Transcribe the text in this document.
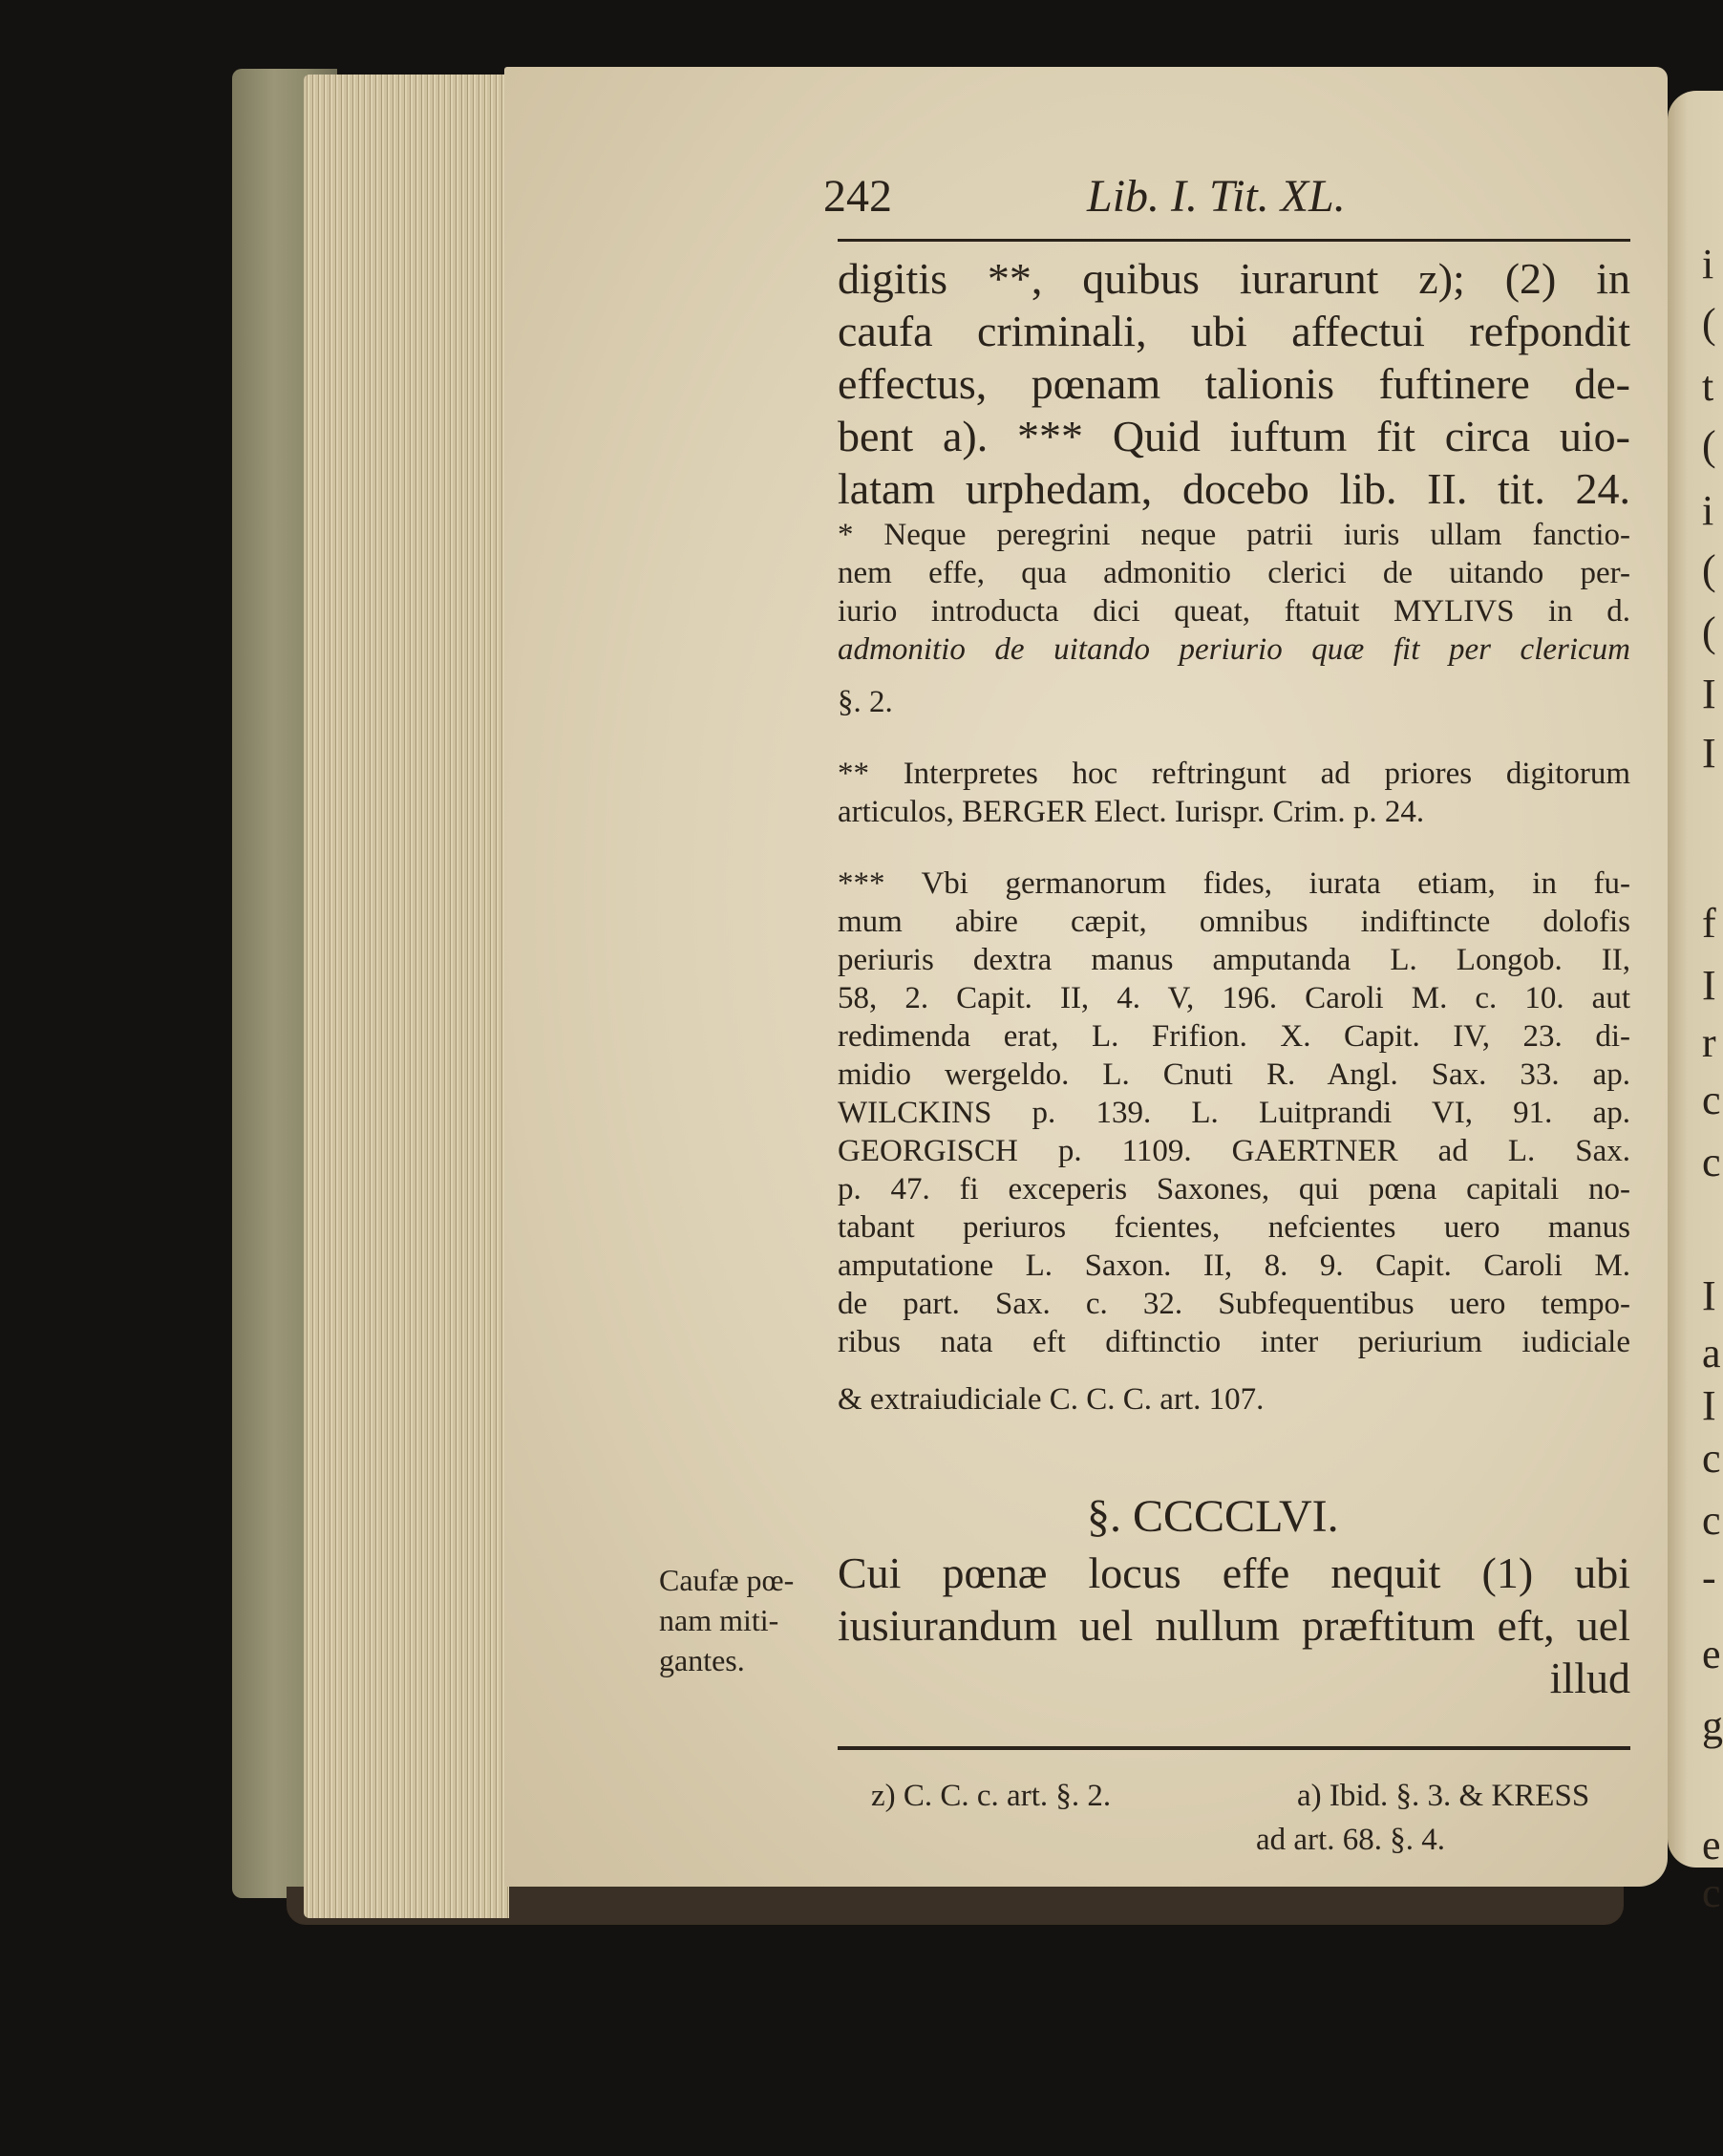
i
(
t
(
i
(
(
I
I
f
I
r
c
c
I
a
I
c
c
-
e
g
e
c
242	Lib. I. Tit. XL.
digitis **, quibus iurarunt z); (2) in
caufa criminali, ubi affectui refpondit
effectus, pœnam talionis fuftinere de-
bent a). *** Quid iuftum fit circa uio-
latam urphedam, docebo lib. II. tit. 24.
* Neque peregrini neque patrii iuris ullam fanctio-
nem effe, qua admonitio clerici de uitando per-
iurio introducta dici queat, ftatuit MYLIVS in d.
admonitio de uitando periurio quæ fit per clericum
§. 2.
** Interpretes hoc reftringunt ad priores digitorum
articulos, BERGER Elect. Iurispr. Crim. p. 24.
*** Vbi germanorum fides, iurata etiam, in fu-
mum abire cæpit, omnibus indiftincte dolofis
periuris dextra manus amputanda L. Longob. II,
58, 2. Capit. II, 4. V, 196. Caroli M. c. 10. aut
redimenda erat, L. Frifion. X. Capit. IV, 23. di-
midio wergeldo. L. Cnuti R. Angl. Sax. 33. ap.
WILCKINS p. 139. L. Luitprandi VI, 91. ap.
GEORGISCH p. 1109. GAERTNER ad L. Sax.
p. 47. fi exceperis Saxones, qui pœna capitali no-
tabant periuros fcientes, nefcientes uero manus
amputatione L. Saxon. II, 8. 9. Capit. Caroli M.
de part. Sax. c. 32. Subfequentibus uero tempo-
ribus nata eft diftinctio inter periurium iudiciale
& extraiudiciale C. C. C. art. 107.
§. CCCCLVI.
Cui pœnæ locus effe nequit (1) ubi
iusiurandum uel nullum præftitum eft, uel
illud
Caufæ pœ-
nam miti-
gantes.
z) C. C. c. art. §. 2.	a) Ibid. §. 3. & KRESS
ad art. 68. §. 4.
